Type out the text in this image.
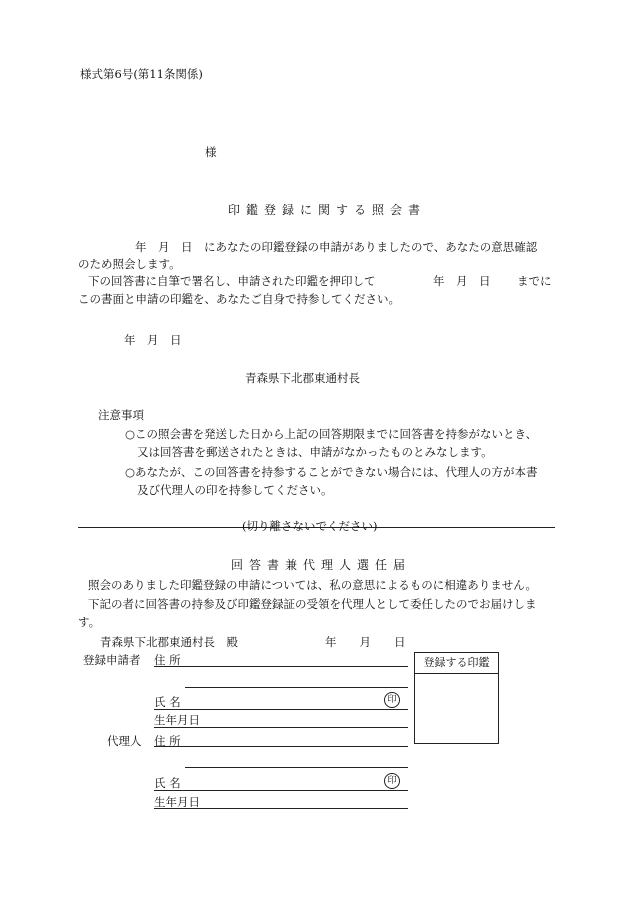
様式第6号(第11条関係)
様
印鑑登録に関する照会書
年　月　日　にあなたの印鑑登録の申請がありましたので、あなたの意思確認
のため照会します。
下の回答書に自筆で署名し、申請された印鑑を押印して	年　月　日 までに
この書面と申請の印鑑を、あなたご自身で持参してください。
年　月　日
青森県下北郡東通村長
注意事項
○この照会書を発送した日から上記の回答期限までに回答書を持参がないとき、
又は回答書を郵送されたときは、申請がなかったものとみなします。
○あなたが、この回答書を持参することができない場合には、代理人の方が本書
及び代理人の印を持参してください。
(切り離さないでください)
回答書兼代理人選任届
照会のありました印鑑登録の申請については、私の意思によるものに相違ありません。
下記の者に回答書の持参及び印鑑登録証の受領を代理人として委任したのでお届けしま
す。
青森県下北郡東通村長　殿	年　　月　　日
登録申請者 住 所
氏 名	印
生年月日
代理人 住 所
氏 名	印
生年月日
登録する印鑑
